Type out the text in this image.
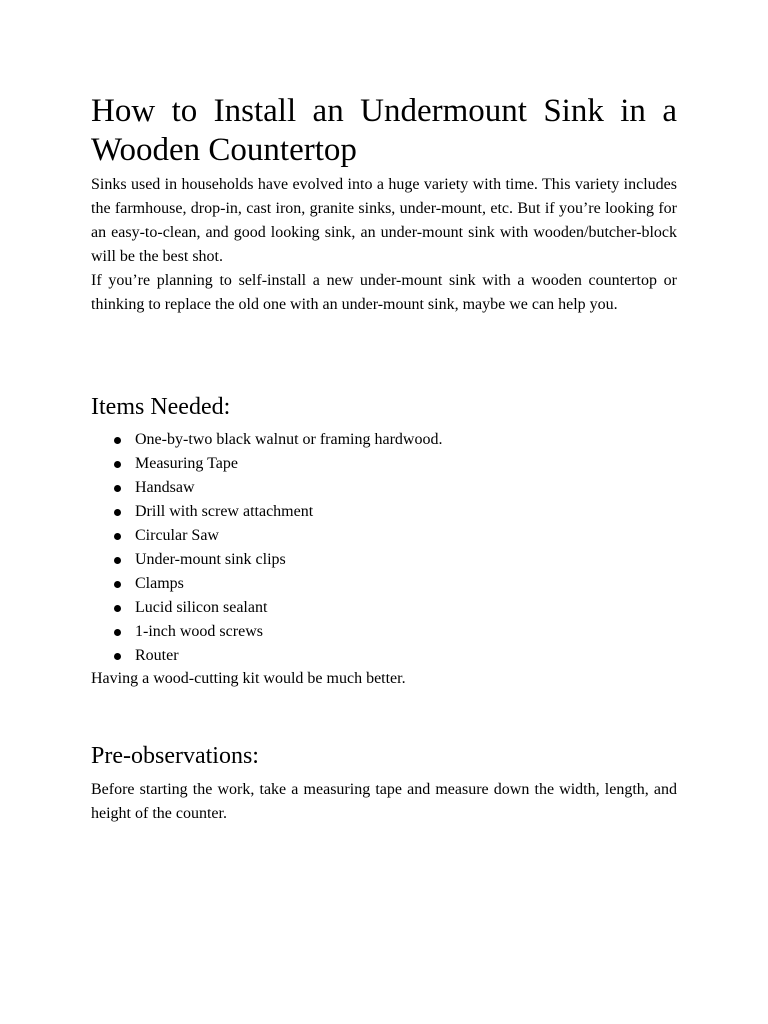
How to Install an Undermount Sink in a Wooden Countertop

Sinks used in households have evolved into a huge variety with time. This variety includes the farmhouse, drop-in, cast iron, granite sinks, under-mount, etc. But if you’re looking for an easy-to-clean, and good looking sink, an under-mount sink with wooden/butcher-block will be the best shot.

If you’re planning to self-install a new under-mount sink with a wooden countertop or thinking to replace the old one with an under-mount sink, maybe we can help you.

Items Needed:
One-by-two black walnut or framing hardwood.
Measuring Tape
Handsaw
Drill with screw attachment
Circular Saw
Under-mount sink clips
Clamps
Lucid silicon sealant
1-inch wood screws
Router

Having a wood-cutting kit would be much better.

Pre-observations:

Before starting the work, take a measuring tape and measure down the width, length, and height of the counter.
